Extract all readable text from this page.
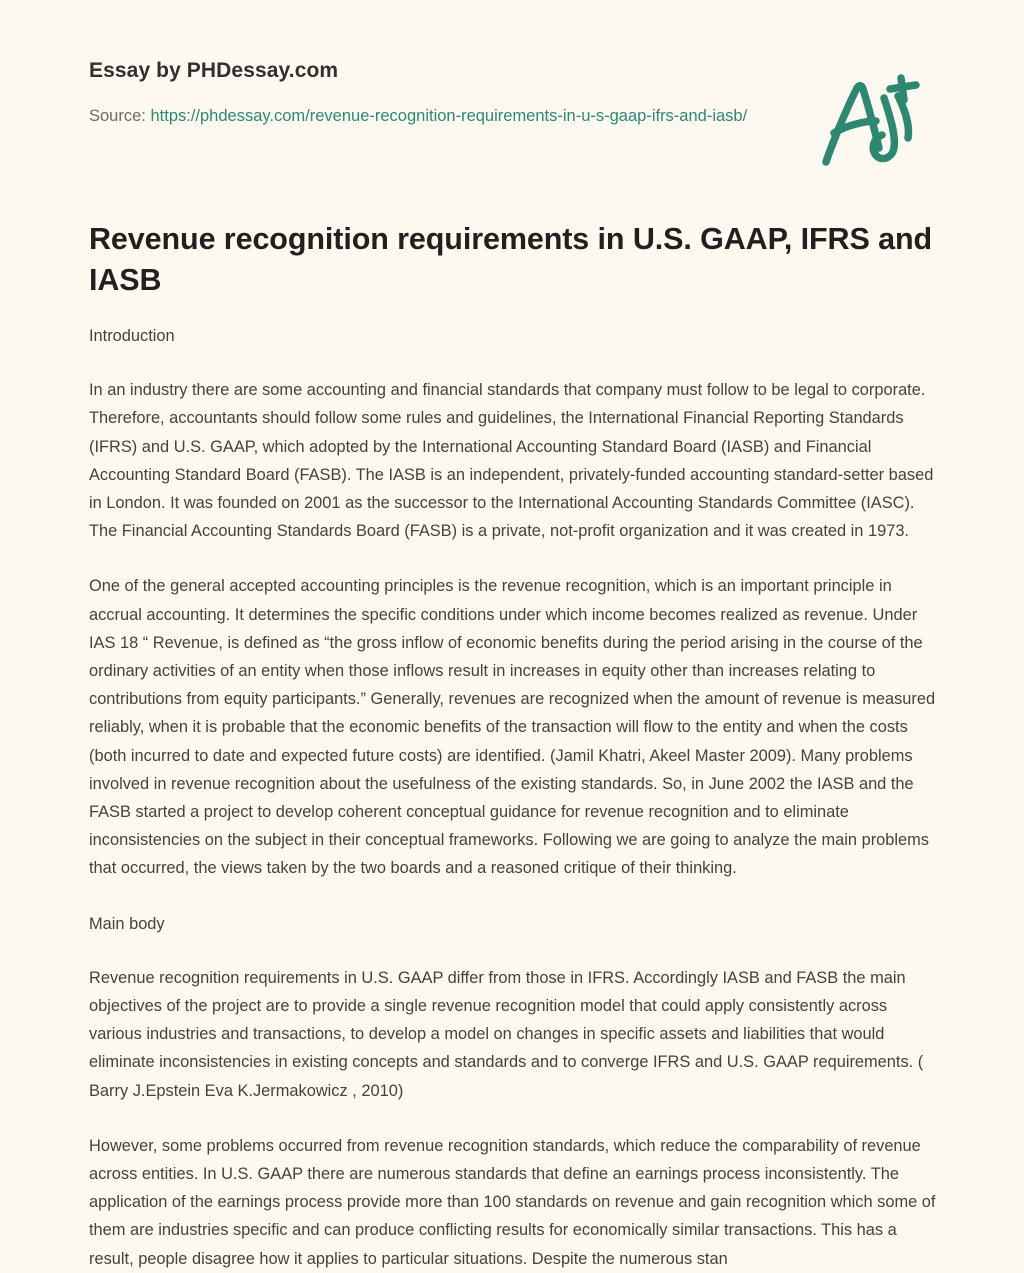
Essay by PHDessay.com
Source: https://phdessay.com/revenue-recognition-requirements-in-u-s-gaap-ifrs-and-iasb/
Revenue recognition requirements in U.S. GAAP, IFRS and IASB

Introduction

In an industry there are some accounting and financial standards that company must follow to be legal to corporate. Therefore, accountants should follow some rules and guidelines, the International Financial Reporting Standards (IFRS) and U.S. GAAP, which adopted by the International Accounting Standard Board (IASB) and Financial Accounting Standard Board (FASB). The IASB is an independent, privately-funded accounting standard-setter based in London. It was founded on 2001 as the successor to the International Accounting Standards Committee (IASC). The Financial Accounting Standards Board (FASB) is a private, not-profit organization and it was created in 1973.

One of the general accepted accounting principles is the revenue recognition, which is an important principle in accrual accounting. It determines the specific conditions under which income becomes realized as revenue. Under IAS 18 “ Revenue, is defined as “the gross inflow of economic benefits during the period arising in the course of the ordinary activities of an entity when those inflows result in increases in equity other than increases relating to contributions from equity participants.” Generally, revenues are recognized when the amount of revenue is measured reliably, when it is probable that the economic benefits of the transaction will flow to the entity and when the costs (both incurred to date and expected future costs) are identified. (Jamil Khatri, Akeel Master 2009). Many problems involved in revenue recognition about the usefulness of the existing standards. So, in June 2002 the IASB and the FASB started a project to develop coherent conceptual guidance for revenue recognition and to eliminate inconsistencies on the subject in their conceptual frameworks. Following we are going to analyze the main problems that occurred, the views taken by the two boards and a reasoned critique of their thinking.

Main body

Revenue recognition requirements in U.S. GAAP differ from those in IFRS. Accordingly IASB and FASB the main objectives of the project are to provide a single revenue recognition model that could apply consistently across various industries and transactions, to develop a model on changes in specific assets and liabilities that would eliminate inconsistencies in existing concepts and standards and to converge IFRS and U.S. GAAP requirements. ( Barry J.Epstein Eva K.Jermakowicz , 2010)

However, some problems occurred from revenue recognition standards, which reduce the comparability of revenue across entities. In U.S. GAAP there are numerous standards that define an earnings process inconsistently. The application of the earnings process provide more than 100 standards on revenue and gain recognition which some of them are industries specific and can produce conflicting results for economically similar transactions. This has a result, people disagree how it applies to particular situations. Despite the numerous stan
